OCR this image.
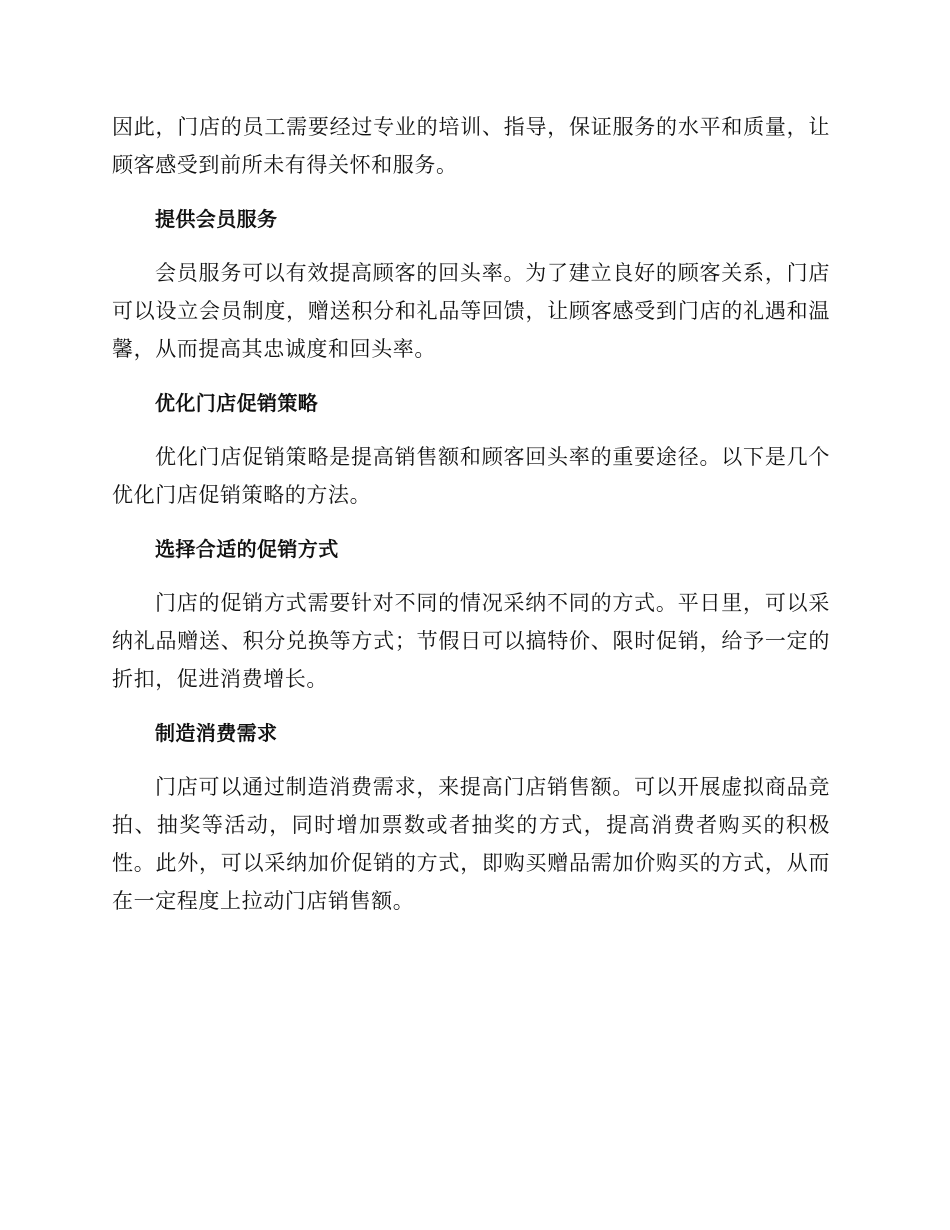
因此，门店的员工需要经过专业的培训、指导，保证服务的水平和质量，让顾客感受到前所未有得关怀和服务。

提供会员服务

会员服务可以有效提高顾客的回头率。为了建立良好的顾客关系，门店可以设立会员制度，赠送积分和礼品等回馈，让顾客感受到门店的礼遇和温馨，从而提高其忠诚度和回头率。

优化门店促销策略

优化门店促销策略是提高销售额和顾客回头率的重要途径。以下是几个优化门店促销策略的方法。

选择合适的促销方式

门店的促销方式需要针对不同的情况采纳不同的方式。平日里，可以采纳礼品赠送、积分兑换等方式；节假日可以搞特价、限时促销，给予一定的折扣，促进消费增长。

制造消费需求

门店可以通过制造消费需求，来提高门店销售额。可以开展虚拟商品竞拍、抽奖等活动，同时增加票数或者抽奖的方式，提高消费者购买的积极性。此外，可以采纳加价促销的方式，即购买赠品需加价购买的方式，从而在一定程度上拉动门店销售额。
